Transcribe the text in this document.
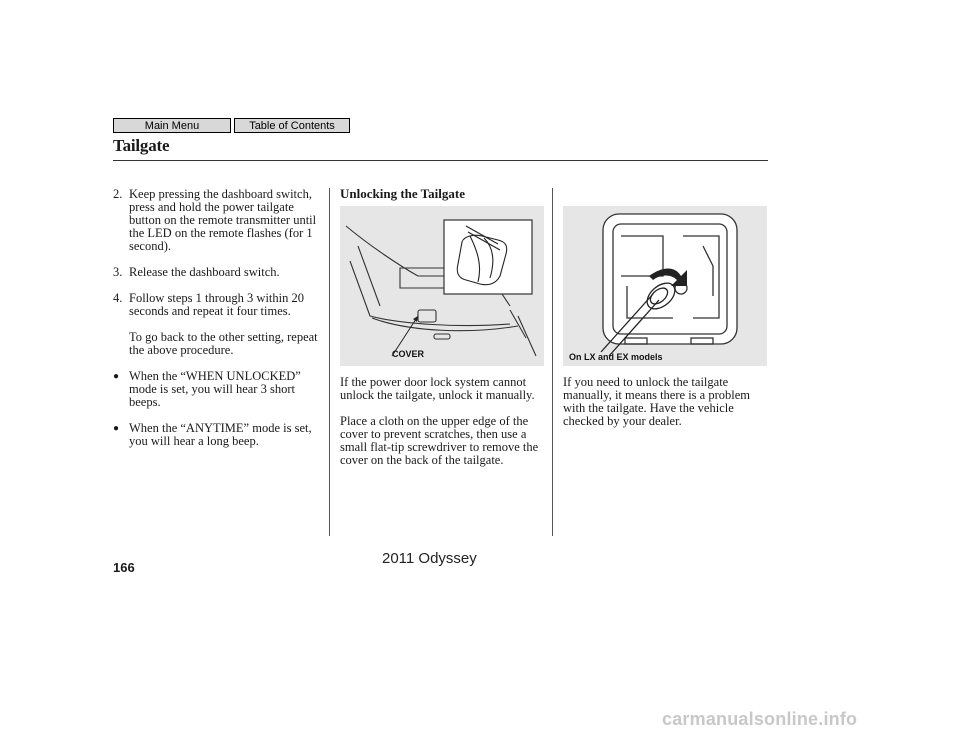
Main Menu	Table of Contents
Tailgate
2. Keep pressing the dashboard switch, press and hold the power tailgate button on the remote transmitter until the LED on the remote flashes (for 1 second).
3. Release the dashboard switch.
4. Follow steps 1 through 3 within 20 seconds and repeat it four times.
To go back to the other setting, repeat the above procedure.
● When the “WHEN UNLOCKED” mode is set, you will hear 3 short beeps.
● When the “ANYTIME” mode is set, you will hear a long beep.
Unlocking the Tailgate
COVER	On LX and EX models

If the power door lock system cannot unlock the tailgate, unlock it manually.

Place a cloth on the upper edge of the cover to prevent scratches, then use a small flat-tip screwdriver to remove the cover on the back of the tailgate.

If you need to unlock the tailgate manually, it means there is a problem with the tailgate. Have the vehicle checked by your dealer.

166
2011 Odyssey
carmanualsonline.info
